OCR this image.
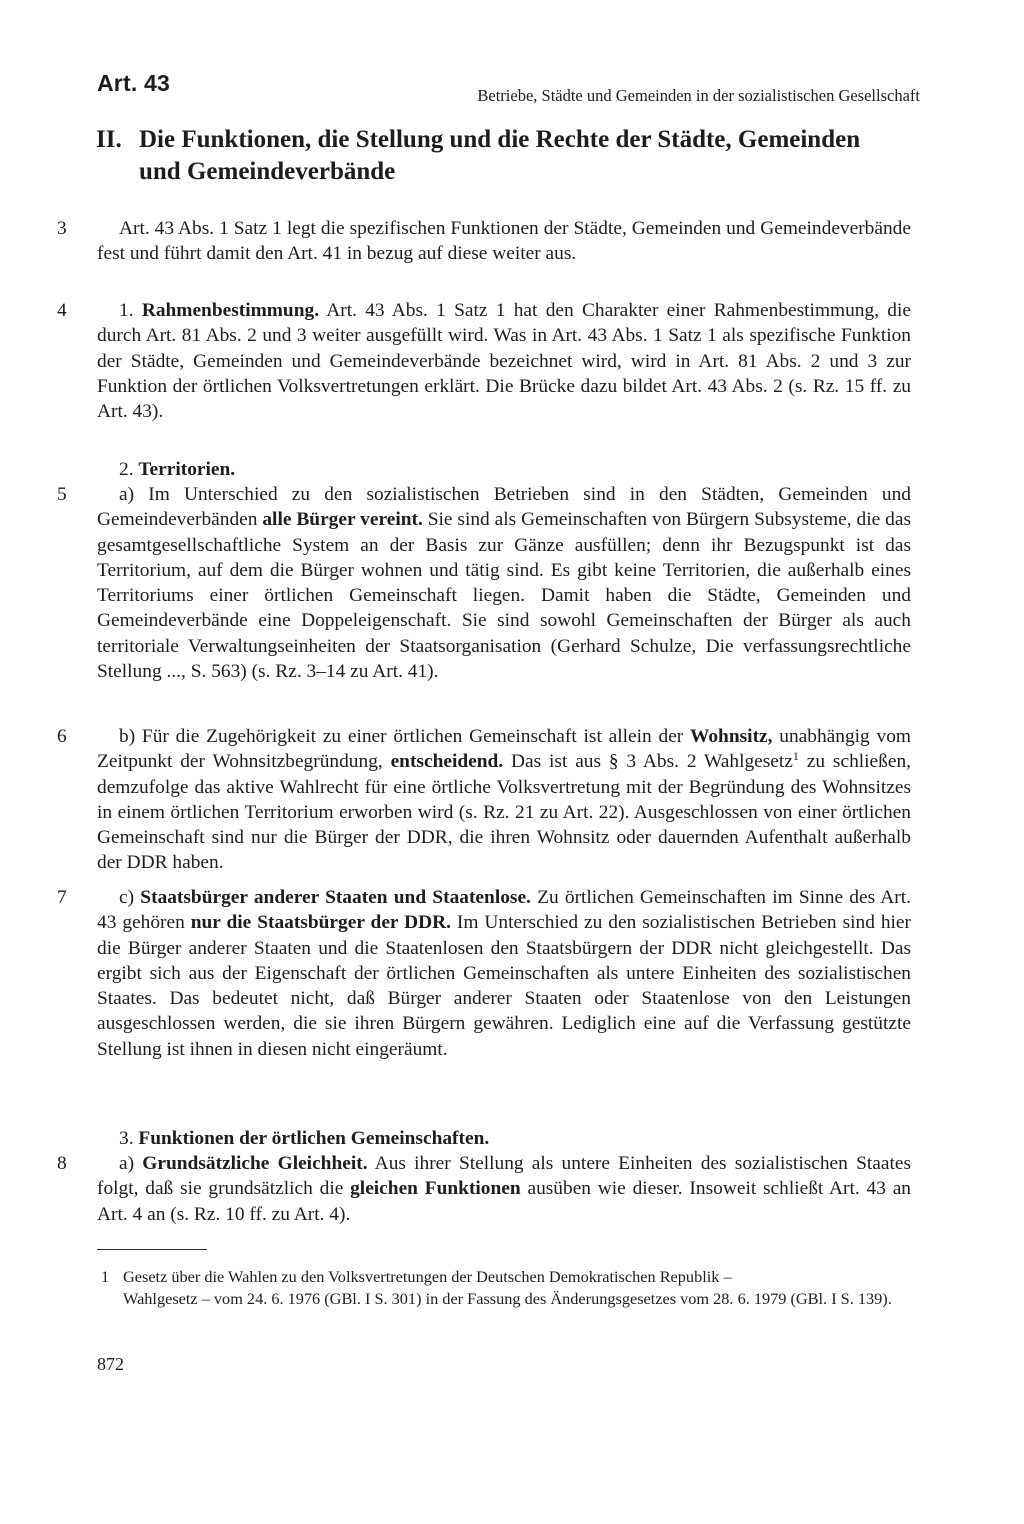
Art. 43	Betriebe, Städte und Gemeinden in der sozialistischen Gesellschaft
II. Die Funktionen, die Stellung und die Rechte der Städte, Gemeinden
und Gemeindeverbände
3
4
5
6
7
8

Art. 43 Abs. 1 Satz 1 legt die spezifischen Funktionen der Städte, Gemeinden und Gemeindeverbände fest und führt damit den Art. 41 in bezug auf diese weiter aus.

1. Rahmenbestimmung. Art. 43 Abs. 1 Satz 1 hat den Charakter einer Rahmenbestimmung, die durch Art. 81 Abs. 2 und 3 weiter ausgefüllt wird. Was in Art. 43 Abs. 1 Satz 1 als spezifische Funktion der Städte, Gemeinden und Gemeindeverbände bezeichnet wird, wird in Art. 81 Abs. 2 und 3 zur Funktion der örtlichen Volksvertretungen erklärt. Die Brücke dazu bildet Art. 43 Abs. 2 (s. Rz. 15 ff. zu Art. 43).

2. Territorien.

a) Im Unterschied zu den sozialistischen Betrieben sind in den Städten, Gemeinden und Gemeindeverbänden alle Bürger vereint. Sie sind als Gemeinschaften von Bürgern Subsysteme, die das gesamtgesellschaftliche System an der Basis zur Gänze ausfüllen; denn ihr Bezugspunkt ist das Territorium, auf dem die Bürger wohnen und tätig sind. Es gibt keine Territorien, die außerhalb eines Territoriums einer örtlichen Gemeinschaft liegen. Damit haben die Städte, Gemeinden und Gemeindeverbände eine Doppeleigenschaft. Sie sind sowohl Gemeinschaften der Bürger als auch territoriale Verwaltungseinheiten der Staatsorganisation (Gerhard Schulze, Die verfassungsrechtliche Stellung ..., S. 563) (s. Rz. 3–14 zu Art. 41).

b) Für die Zugehörigkeit zu einer örtlichen Gemeinschaft ist allein der Wohnsitz, unabhängig vom Zeitpunkt der Wohnsitzbegründung, entscheidend. Das ist aus § 3 Abs. 2 Wahlgesetz$^1$ zu schließen, demzufolge das aktive Wahlrecht für eine örtliche Volksvertretung mit der Begründung des Wohnsitzes in einem örtlichen Territorium erworben wird (s. Rz. 21 zu Art. 22). Ausgeschlossen von einer örtlichen Gemeinschaft sind nur die Bürger der DDR, die ihren Wohnsitz oder dauernden Aufenthalt außerhalb der DDR haben.

c) Staatsbürger anderer Staaten und Staatenlose. Zu örtlichen Gemeinschaften im Sinne des Art. 43 gehören nur die Staatsbürger der DDR. Im Unterschied zu den sozialistischen Betrieben sind hier die Bürger anderer Staaten und die Staatenlosen den Staatsbürgern der DDR nicht gleichgestellt. Das ergibt sich aus der Eigenschaft der örtlichen Gemeinschaften als untere Einheiten des sozialistischen Staates. Das bedeutet nicht, daß Bürger anderer Staaten oder Staatenlose von den Leistungen ausgeschlossen werden, die sie ihren Bürgern gewähren. Lediglich eine auf die Verfassung gestützte Stellung ist ihnen in diesen nicht eingeräumt.

3. Funktionen der örtlichen Gemeinschaften.

a) Grundsätzliche Gleichheit. Aus ihrer Stellung als untere Einheiten des sozialistischen Staates folgt, daß sie grundsätzlich die gleichen Funktionen ausüben wie dieser. Insoweit schließt Art. 43 an Art. 4 an (s. Rz. 10 ff. zu Art. 4).

1 Gesetz über die Wahlen zu den Volksvertretungen der Deutschen Demokratischen Republik –
Wahlgesetz – vom 24. 6. 1976 (GBl. I S. 301) in der Fassung des Änderungsgesetzes vom 28. 6. 1979 (GBl. I S. 139).
872
